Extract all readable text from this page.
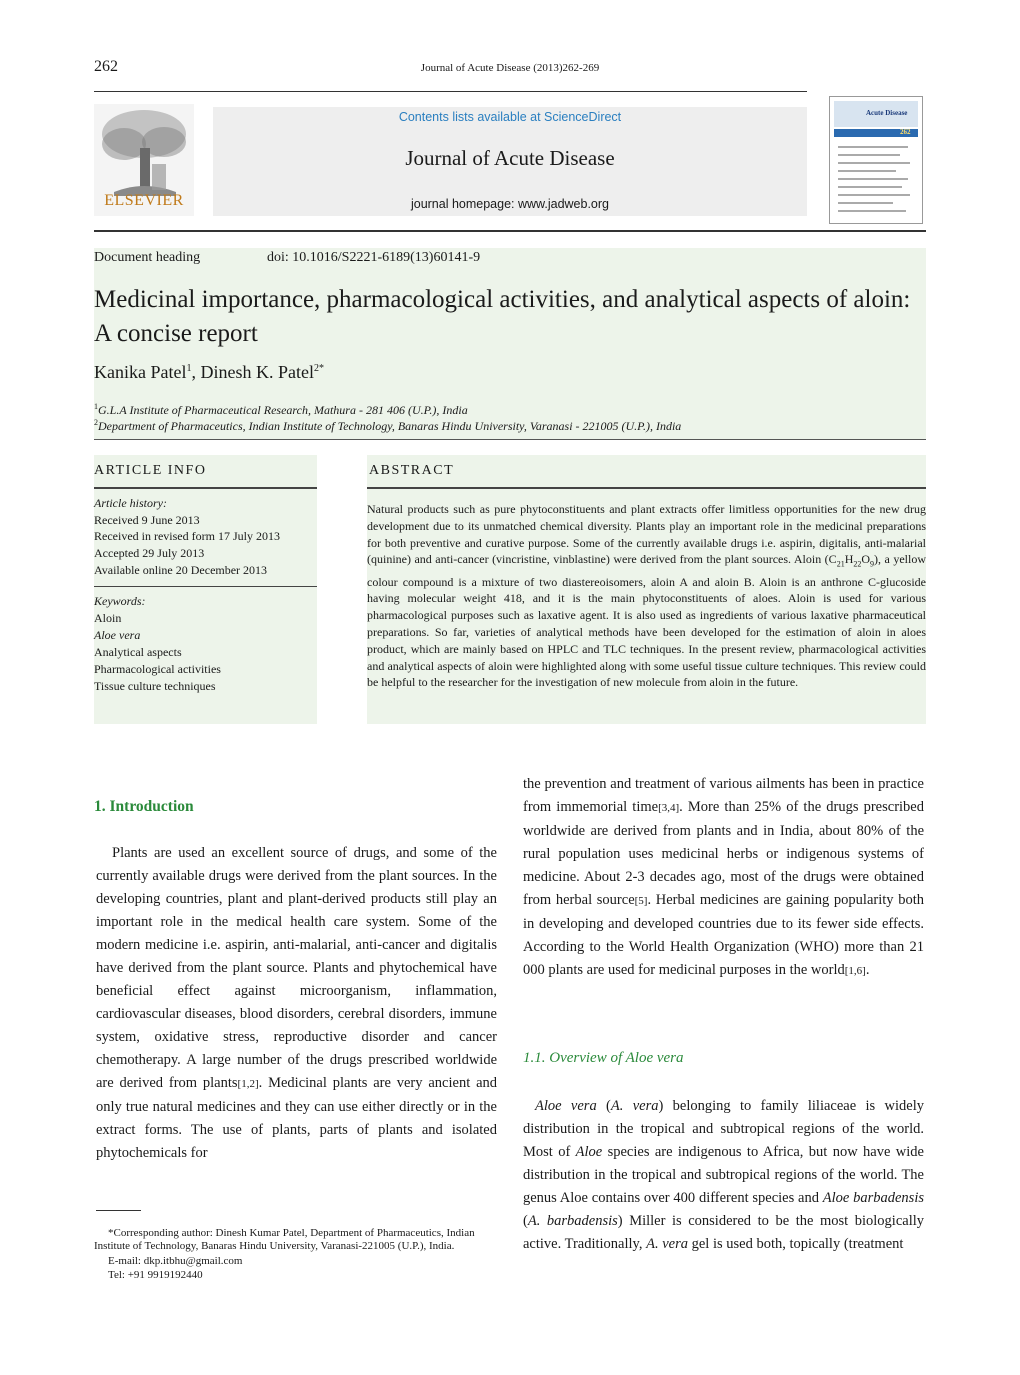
262	Journal of Acute Disease (2013)262-269
ELSEVIER
Contents lists available at ScienceDirect
Journal of Acute Disease
journal homepage: www.jadweb.org
Acute Disease
262
Document heading	doi: 10.1016/S2221-6189(13)60141-9
Medicinal importance, pharmacological activities, and analytical aspects of aloin: A concise report
Kanika Patel$^1$, Dinesh K. Patel$^{2*}$
$^1$G.L.A Institute of Pharmaceutical Research, Mathura - 281 406 (U.P.), India
$^2$Department of Pharmaceutics, Indian Institute of Technology, Banaras Hindu University, Varanasi - 221005 (U.P.), India
ARTICLE INFO
Article history:
Received 9 June 2013
Received in revised form 17 July 2013
Accepted 29 July 2013
Available online 20 December 2013
Keywords:
Aloin
Aloe vera
Analytical aspects
Pharmacological activities
Tissue culture techniques
ABSTRACT
Natural products such as pure phytoconstituents and plant extracts offer limitless opportunities for the new drug development due to its unmatched chemical diversity. Plants play an important role in the medicinal preparations for both preventive and curative purpose. Some of the currently available drugs i.e. aspirin, digitalis, anti-malarial (quinine) and anti-cancer (vincristine, vinblastine) were derived from the plant sources. Aloin $(C_{21}H_{22}O_9)$, a yellow colour compound is a mixture of two diastereoisomers, aloin A and aloin B. Aloin is an anthrone C-glucoside having molecular weight 418, and it is the main phytoconstituents of aloes. Aloin is used for various pharmacological purposes such as laxative agent. It is also used as ingredients of various laxative pharmaceutical preparations. So far, varieties of analytical methods have been developed for the estimation of aloin in aloes product, which are mainly based on HPLC and TLC techniques. In the present review, pharmacological activities and analytical aspects of aloin were highlighted along with some useful tissue culture techniques. This review could be helpful to the researcher for the investigation of new molecule from aloin in the future.
1. Introduction
Plants are used an excellent source of drugs, and some of the currently available drugs were derived from the plant sources. In the developing countries, plant and plant-derived products still play an important role in the medical health care system. Some of the modern medicine i.e. aspirin, anti-malarial, anti-cancer and digitalis have derived from the plant source. Plants and phytochemical have beneficial effect against microorganism, inflammation, cardiovascular diseases, blood disorders, cerebral disorders, immune system, oxidative stress, reproductive disorder and cancer chemotherapy. A large number of the drugs prescribed worldwide are derived from plants[1,2]. Medicinal plants are very ancient and only true natural medicines and they can use either directly or in the extract forms. The use of plants, parts of plants and isolated phytochemicals for
the prevention and treatment of various ailments has been in practice from immemorial time[3,4]. More than 25% of the drugs prescribed worldwide are derived from plants and in India, about 80% of the rural population uses medicinal herbs or indigenous systems of medicine. About 2-3 decades ago, most of the drugs were obtained from herbal source[5]. Herbal medicines are gaining popularity both in developing and developed countries due to its fewer side effects. According to the World Health Organization (WHO) more than 21 000 plants are used for medicinal purposes in the world[1,6].
1.1. Overview of Aloe vera
Aloe vera (A. vera) belonging to family liliaceae is widely distribution in the tropical and subtropical regions of the world. Most of Aloe species are indigenous to Africa, but now have wide distribution in the tropical and subtropical regions of the world. The genus Aloe contains over 400 different species and Aloe barbadensis (A. barbadensis) Miller is considered to be the most biologically active. Traditionally, A. vera gel is used both, topically (treatment
*Corresponding author: Dinesh Kumar Patel, Department of Pharmaceutics, Indian Institute of Technology, Banaras Hindu University, Varanasi-221005 (U.P.), India.
E-mail: dkp.itbhu@gmail.com
Tel: +91 9919192440
